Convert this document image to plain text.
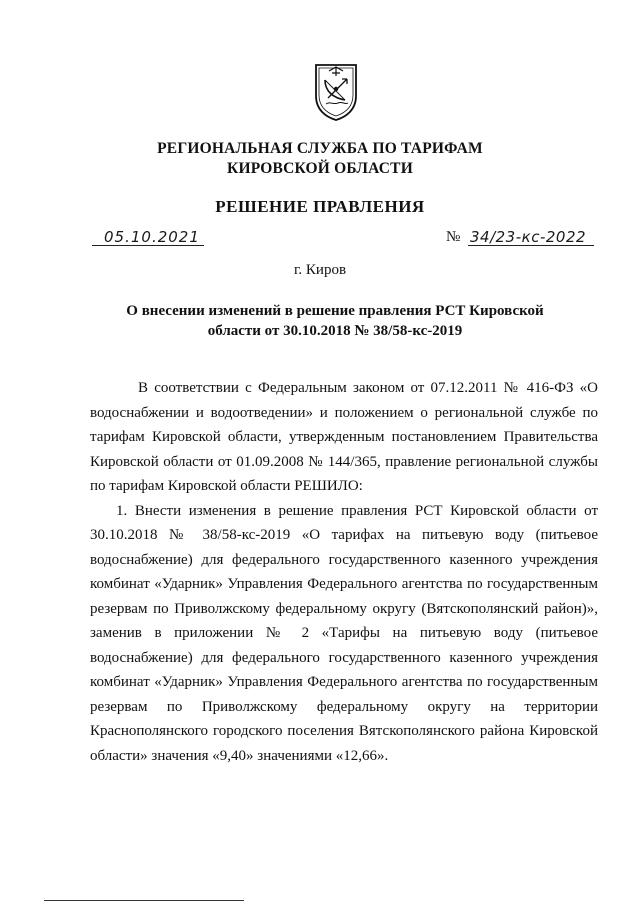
РЕГИОНАЛЬНАЯ СЛУЖБА ПО ТАРИФАМ
КИРОВСКОЙ ОБЛАСТИ
РЕШЕНИЕ ПРАВЛЕНИЯ
05.10.2021	№ 34/23-кс-2022
г. Киров
О внесении изменений в решение правления РСТ Кировской
области от 30.10.2018 № 38/58-кс-2019

В соответствии с Федеральным законом от 07.12.2011 № 416-ФЗ «О водоснабжении и водоотведении» и положением о региональной службе по тарифам Кировской области, утвержденным постановлением Правительства Кировской области от 01.09.2008 № 144/365, правление региональной службы по тарифам Кировской области РЕШИЛО:

1. Внести изменения в решение правления РСТ Кировской области от 30.10.2018 № 38/58-кс-2019 «О тарифах на питьевую воду (питьевое водоснабжение) для федерального государственного казенного учреждения комбинат «Ударник» Управления Федерального агентства по государственным резервам по Приволжскому федеральному округу (Вятскополянский район)», заменив в приложении № 2 «Тарифы на питьевую воду (питьевое водоснабжение) для федерального государственного казенного учреждения комбинат «Ударник» Управления Федерального агентства по государственным резервам по Приволжскому федеральному округу на территории Краснополянского городского поселения Вятскополянского района Кировской области» значения «9,40» значениями «12,66».
